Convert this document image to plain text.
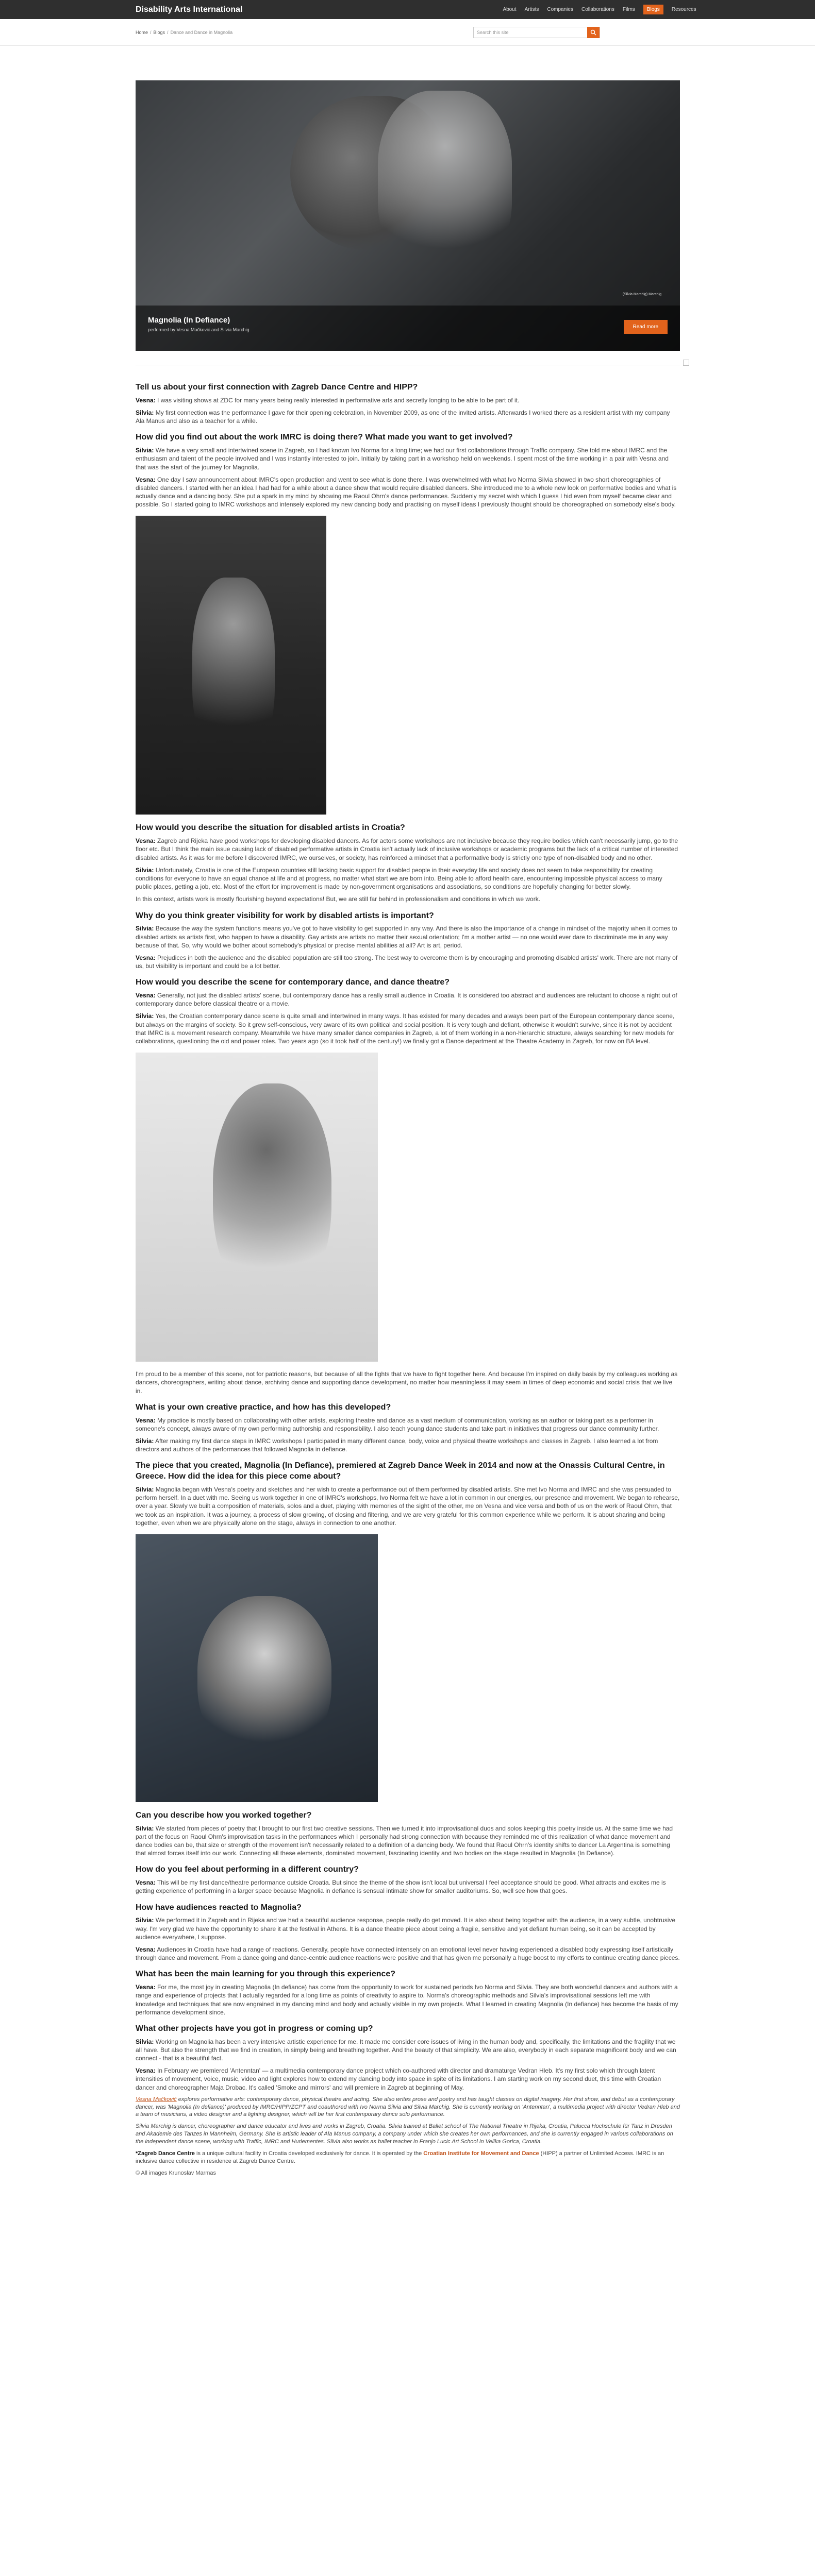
Disability Arts International	About Artists Companies Collaborations Films	Blogs	Resources
Home / Blogs / Dance and Dance in Magnolia	Search this site
(Silvia Marchig) Marchig
Magnolia (In Defiance)

performed by Vesna Mačković and Silvia Marchig	Read more
Tell us about your first connection with Zagreb Dance Centre and HIPP?

Vesna: I was visiting shows at ZDC for many years being really interested in performative arts and secretly longing to be able to be part of it.

Silvia: My first connection was the performance I gave for their opening celebration, in November 2009, as one of the invited artists. Afterwards I worked there as a resident artist with my company Ala Manus and also as a teacher for a while.

How did you find out about the work IMRC is doing there? What made you want to get involved?

Silvia: We have a very small and intertwined scene in Zagreb, so I had known Ivo Norma for a long time; we had our first collaborations through Traffic company. She told me about IMRC and the enthusiasm and talent of the people involved and I was instantly interested to join. Initially by taking part in a workshop held on weekends. I spent most of the time working in a pair with Vesna and that was the start of the journey for Magnolia.

Vesna: One day I saw announcement about IMRC's open production and went to see what is done there. I was overwhelmed with what Ivo Norma Silvia showed in two short choreographies of disabled dancers. I started with her an idea I had had for a while about a dance show that would require disabled dancers. She introduced me to a whole new look on performative bodies and what is actually dance and a dancing body. She put a spark in my mind by showing me Raoul Ohrn's dance performances. Suddenly my secret wish which I guess I hid even from myself became clear and possible. So I started going to IMRC workshops and intensely explored my new dancing body and practising on myself ideas I previously thought should be choreographed on somebody else's body.

How would you describe the situation for disabled artists in Croatia?

Vesna: Zagreb and Rijeka have good workshops for developing disabled dancers. As for actors some workshops are not inclusive because they require bodies which can't necessarily jump, go to the floor etc. But I think the main issue causing lack of disabled performative artists in Croatia isn't actually lack of inclusive workshops or academic programs but the lack of a critical number of interested disabled artists. As it was for me before I discovered IMRC, we ourselves, or society, has reinforced a mindset that a performative body is strictly one type of non-disabled body and no other.

Silvia: Unfortunately, Croatia is one of the European countries still lacking basic support for disabled people in their everyday life and society does not seem to take responsibility for creating conditions for everyone to have an equal chance at life and at progress, no matter what start we are born into. Being able to afford health care, encountering impossible physical access to many public places, getting a job, etc. Most of the effort for improvement is made by non-government organisations and associations, so conditions are hopefully changing for better slowly.

In this context, artists work is mostly flourishing beyond expectations! But, we are still far behind in professionalism and conditions in which we work.

Why do you think greater visibility for work by disabled artists is important?

Silvia: Because the way the system functions means you've got to have visibility to get supported in any way. And there is also the importance of a change in mindset of the majority when it comes to disabled artists as artists first, who happen to have a disability. Gay artists are artists no matter their sexual orientation; I'm a mother artist — no one would ever dare to discriminate me in any way because of that. So, why would we bother about somebody's physical or precise mental abilities at all? Art is art, period.

Vesna: Prejudices in both the audience and the disabled population are still too strong. The best way to overcome them is by encouraging and promoting disabled artists' work. There are not many of us, but visibility is important and could be a lot better.

How would you describe the scene for contemporary dance, and dance theatre?

Vesna: Generally, not just the disabled artists' scene, but contemporary dance has a really small audience in Croatia. It is considered too abstract and audiences are reluctant to choose a night out of contemporary dance before classical theatre or a movie.

Silvia: Yes, the Croatian contemporary dance scene is quite small and intertwined in many ways. It has existed for many decades and always been part of the European contemporary dance scene, but always on the margins of society. So it grew self-conscious, very aware of its own political and social position. It is very tough and defiant, otherwise it wouldn't survive, since it is not by accident that IMRC is a movement research company. Meanwhile we have many smaller dance companies in Zagreb, a lot of them working in a non-hierarchic structure, always searching for new models for collaborations, questioning the old and power roles. Two years ago (so it took half of the century!) we finally got a Dance department at the Theatre Academy in Zagreb, for now on BA level.

I'm proud to be a member of this scene, not for patriotic reasons, but because of all the fights that we have to fight together here. And because I'm inspired on daily basis by my colleagues working as dancers, choreographers, writing about dance, archiving dance and supporting dance development, no matter how meaningless it may seem in times of deep economic and social crisis that we live in.

What is your own creative practice, and how has this developed?

Vesna: My practice is mostly based on collaborating with other artists, exploring theatre and dance as a vast medium of communication, working as an author or taking part as a performer in someone's concept, always aware of my own performing authorship and responsibility. I also teach young dance students and take part in initiatives that progress our dance community further.

Silvia: After making my first dance steps in IMRC workshops I participated in many different dance, body, voice and physical theatre workshops and classes in Zagreb. I also learned a lot from directors and authors of the performances that followed Magnolia in defiance.

The piece that you created, Magnolia (In Defiance), premiered at Zagreb Dance Week in 2014 and now at the Onassis Cultural Centre, in Greece. How did the idea for this piece come about?

Silvia: Magnolia began with Vesna's poetry and sketches and her wish to create a performance out of them performed by disabled artists. She met Ivo Norma and IMRC and she was persuaded to perform herself. In a duet with me. Seeing us work together in one of IMRC's workshops, Ivo Norma felt we have a lot in common in our energies, our presence and movement. We began to rehearse, over a year. Slowly we built a composition of materials, solos and a duet, playing with memories of the sight of the other, me on Vesna and vice versa and both of us on the work of Raoul Ohrn, that we took as an inspiration. It was a journey, a process of slow growing, of closing and filtering, and we are very grateful for this common experience while we perform. It is about sharing and being together, even when we are physically alone on the stage, always in connection to one another.

Can you describe how you worked together?

Silvia: We started from pieces of poetry that I brought to our first two creative sessions. Then we turned it into improvisational duos and solos keeping this poetry inside us. At the same time we had part of the focus on Raoul Ohrn's improvisation tasks in the performances which I personally had strong connection with because they reminded me of this realization of what dance movement and dance bodies can be, that size or strength of the movement isn't necessarily related to a definition of a dancing body. We found that Raoul Ohrn's identity shifts to dancer La Argentina is something that almost forces itself into our work. Connecting all these elements, dominated movement, fascinating identity and two bodies on the stage resulted in Magnolia (In Defiance).

How do you feel about performing in a different country?

Vesna: This will be my first dance/theatre performance outside Croatia. But since the theme of the show isn't local but universal I feel acceptance should be good. What attracts and excites me is getting experience of performing in a larger space because Magnolia in defiance is sensual intimate show for smaller auditoriums. So, well see how that goes.

How have audiences reacted to Magnolia?

Silvia: We performed it in Zagreb and in Rijeka and we had a beautiful audience response, people really do get moved. It is also about being together with the audience, in a very subtle, unobtrusive way. I'm very glad we have the opportunity to share it at the festival in Athens. It is a dance theatre piece about being a fragile, sensitive and yet defiant human being, so it can be accepted by audience everywhere, I suppose.

Vesna: Audiences in Croatia have had a range of reactions. Generally, people have connected intensely on an emotional level never having experienced a disabled body expressing itself artistically through dance and movement. From a dance going and dance-centric audience reactions were positive and that has given me personally a huge boost to my efforts to continue creating dance pieces.

What has been the main learning for you through this experience?

Vesna: For me, the most joy in creating Magnolia (In defiance) has come from the opportunity to work for sustained periods Ivo Norma and Silvia. They are both wonderful dancers and authors with a range and experience of projects that I actually regarded for a long time as points of creativity to aspire to. Norma's choreographic methods and Silvia's improvisational sessions left me with knowledge and techniques that are now engrained in my dancing mind and body and actually visible in my own projects. What I learned in creating Magnolia (In defiance) has become the basis of my performance development since.

What other projects have you got in progress or coming up?

Silvia: Working on Magnolia has been a very intensive artistic experience for me. It made me consider core issues of living in the human body and, specifically, the limitations and the fragility that we all have. But also the strength that we find in creation, in simply being and breathing together. And the beauty of that simplicity. We are also, everybody in each separate magnificent body and we can connect - that is a beautiful fact.

Vesna: In February we premiered 'Antenntan' — a multimedia contemporary dance project which co-authored with director and dramaturge Vedran Hleb. It's my first solo which through latent intensities of movement, voice, music, video and light explores how to extend my dancing body into space in spite of its limitations. I am starting work on my second duet, this time with Croatian dancer and choreographer Maja Drobac. It's called 'Smoke and mirrors' and will premiere in Zagreb at beginning of May.

Vesna Mačković explores performative arts: contemporary dance, physical theatre and acting. She also writes prose and poetry and has taught classes on digital imagery. Her first show, and debut as a contemporary dancer, was 'Magnolia (In defiance)' produced by IMRC/HIPP/ZCPT and coauthored with Ivo Norma Silvia and Silvia Marchig. She is currently working on 'Antenntan', a multimedia project with director Vedran Hleb and a team of musicians, a video designer and a lighting designer, which will be her first contemporary dance solo performance.

Silvia Marchig is dancer, choreographer and dance educator and lives and works in Zagreb, Croatia. Silvia trained at Ballet school of The National Theatre in Rijeka, Croatia, Palucca Hochschule für Tanz in Dresden and Akademie des Tanzes in Mannheim, Germany. She is artistic leader of Ala Manus company, a company under which she creates her own performances, and she is currently engaged in various collaborations on the independent dance scene, working with Traffic, IMRC and Hurlementes. Silvia also works as ballet teacher in Franjo Lucic Art School in Velika Gorica, Croatia.

*Zagreb Dance Centre is a unique cultural facility in Croatia developed exclusively for dance. It is operated by the Croatian Institute for Movement and Dance (HIPP) a partner of Unlimited Access. IMRC is an inclusive dance collective in residence at Zagreb Dance Centre.

© All images Krunoslav Marmas
